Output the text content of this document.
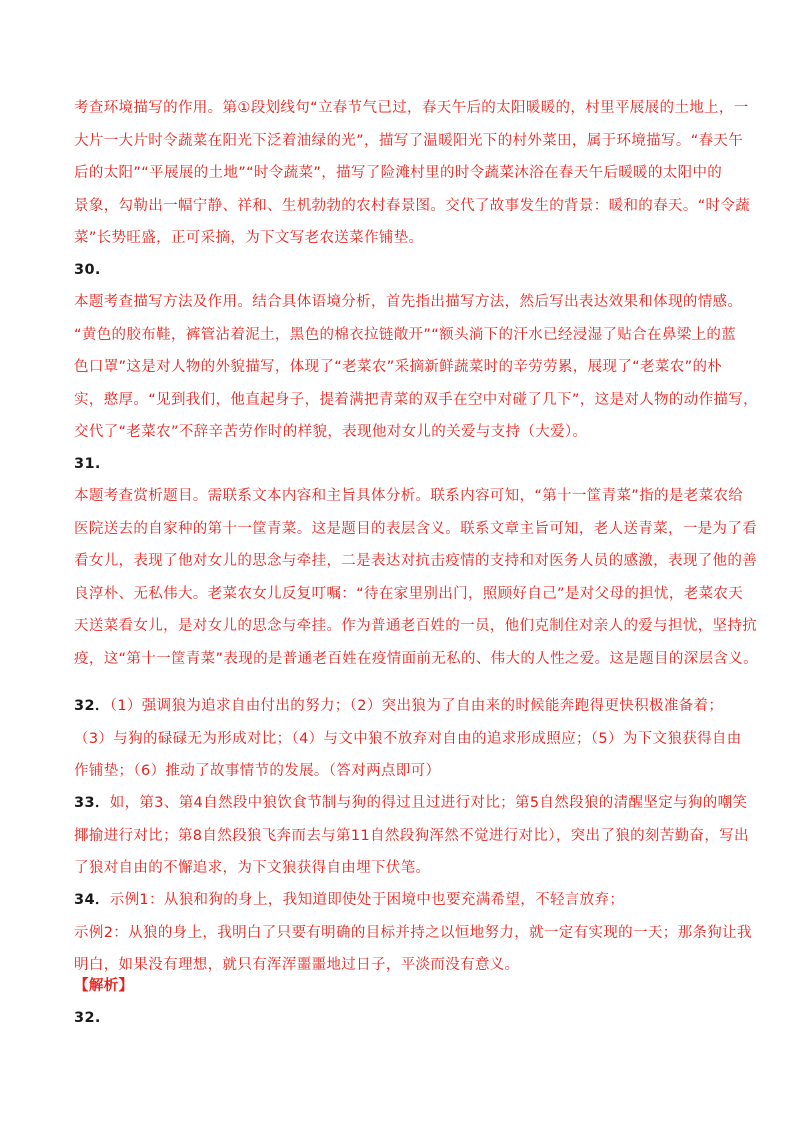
考查环境描写的作用。第①段划线句“立春节气已过，春天午后的太阳暖暖的，村里平展展的土地上，一
大片一大片时令蔬菜在阳光下泛着油绿的光”，描写了温暖阳光下的村外菜田，属于环境描写。“春天午
后的太阳”“平展展的土地”“时令蔬菜”，描写了险滩村里的时令蔬菜沐浴在春天午后暖暖的太阳中的
景象，勾勒出一幅宁静、祥和、生机勃勃的农村春景图。交代了故事发生的背景：暖和的春天。“时令蔬
菜”长势旺盛，正可采摘，为下文写老农送菜作铺垫。

30.

本题考查描写方法及作用。结合具体语境分析，首先指出描写方法，然后写出表达效果和体现的情感。
“黄色的胶布鞋，裤管沾着泥土，黑色的棉衣拉链敞开”“额头淌下的汗水已经浸湿了贴合在鼻梁上的蓝
色口罩”这是对人物的外貌描写，体现了“老菜农”采摘新鲜蔬菜时的辛劳劳累，展现了“老菜农”的朴
实，憨厚。“见到我们，他直起身子，提着满把青菜的双手在空中对碰了几下”，这是对人物的动作描写，
交代了“老菜农”不辞辛苦劳作时的样貌，表现他对女儿的关爱与支持（大爱）。

31.

本题考查赏析题目。需联系文本内容和主旨具体分析。联系内容可知，“第十一筐青菜”指的是老菜农给
医院送去的自家种的第十一筐青菜。这是题目的表层含义。联系文章主旨可知，老人送青菜，一是为了看
看女儿，表现了他对女儿的思念与牵挂，二是表达对抗击疫情的支持和对医务人员的感激，表现了他的善
良淳朴、无私伟大。老菜农女儿反复叮嘱：“待在家里别出门，照顾好自己”是对父母的担忧，老菜农天
天送菜看女儿，是对女儿的思念与牵挂。作为普通老百姓的一员，他们克制住对亲人的爱与担忧，坚持抗
疫，这“第十一筐青菜”表现的是普通老百姓在疫情面前无私的、伟大的人性之爱。这是题目的深层含义。

32．（1）强调狼为追求自由付出的努力；（2）突出狼为了自由来的时候能奔跑得更快积极准备着；
（3）与狗的碌碌无为形成对比；（4）与文中狼不放弃对自由的追求形成照应；（5）为下文狼获得自由
作铺垫；（6）推动了故事情节的发展。（答对两点即可）

33．如，第3、第4自然段中狼饮食节制与狗的得过且过进行对比；第5自然段狼的清醒坚定与狗的嘲笑
揶揄进行对比；第8自然段狼飞奔而去与第11自然段狗浑然不觉进行对比），突出了狼的刻苦勤奋，写出
了狼对自由的不懈追求，为下文狼获得自由埋下伏笔。

34．示例1：从狼和狗的身上，我知道即使处于困境中也要充满希望，不轻言放弃；
示例2：从狼的身上，我明白了只要有明确的目标并持之以恒地努力，就一定有实现的一天；那条狗让我
明白，如果没有理想，就只有浑浑噩噩地过日子，平淡而没有意义。

【解析】

32.
